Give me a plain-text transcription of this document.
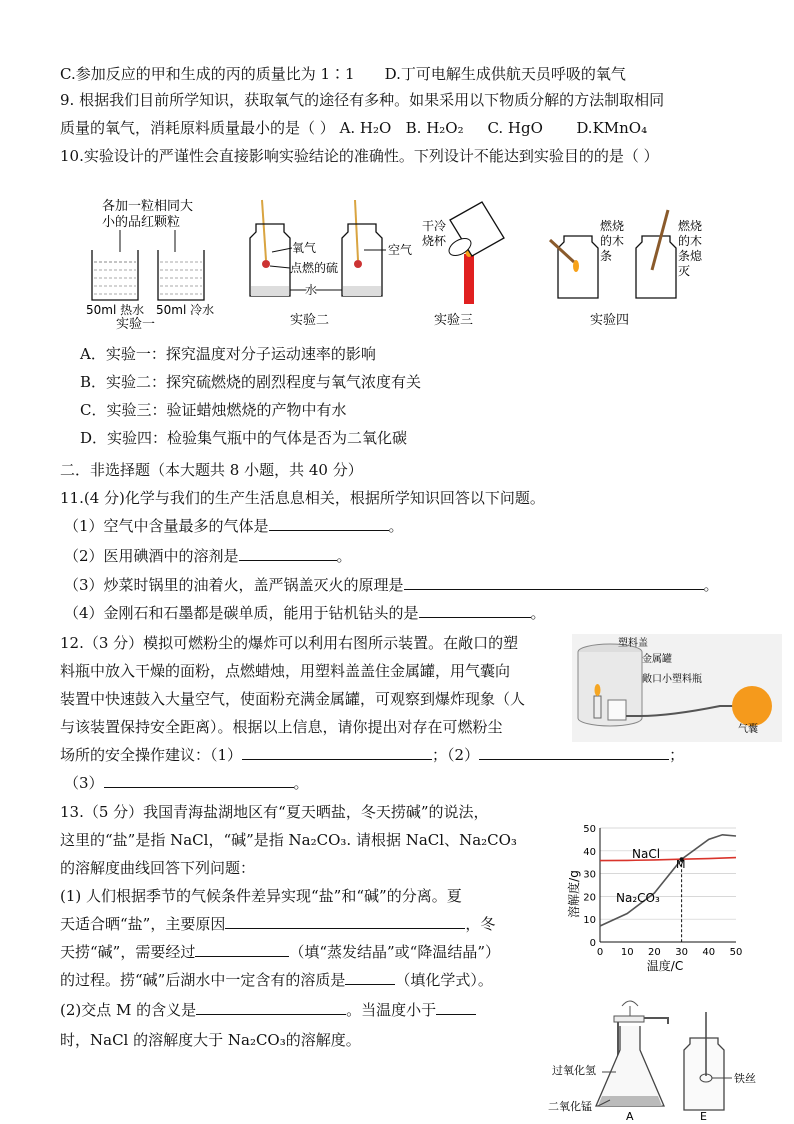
C.参加反应的甲和生成的丙的质量比为 1∶1 D.丁可电解生成供航天员呼吸的氧气
9. 根据我们目前所学知识，获取氧气的途径有多种。如果采用以下物质分解的方法制取相同
质量的氧气，消耗原料质量最小的是（ ） A. H₂O B. H₂O₂ C. HgO D.KMnO₄
10.实验设计的严谨性会直接影响实验结论的准确性。下列设计不能达到实验目的的是（ ）
各加一粒相同大
小的品红颗粒
50ml 热水 50ml 冷水
氧气
点燃的硫
空气
水
干冷
烧杯
燃烧
的木
条
燃烧
的木
条熄
灭
实验一	实验二	实验三	实验四
A．实验一：探究温度对分子运动速率的影响
B．实验二：探究硫燃烧的剧烈程度与氧气浓度有关
C．实验三：验证蜡烛燃烧的产物中有水
D．实验四：检验集气瓶中的气体是否为二氧化碳
二．非选择题（本大题共 8 小题，共 40 分）
11.(4 分)化学与我们的生产生活息息相关，根据所学知识回答以下问题。
（1）空气中含量最多的气体是	。
（2）医用碘酒中的溶剂是	。
（3）炒菜时锅里的油着火，盖严锅盖灭火的原理是	。
（4）金刚石和石墨都是碳单质，能用于钻机钻头的是	。
12.（3 分）模拟可燃粉尘的爆炸可以利用右图所示装置。在敞口的塑
料瓶中放入干燥的面粉，点燃蜡烛，用塑料盖盖住金属罐，用气囊向
装置中快速鼓入大量空气，使面粉充满金属罐，可观察到爆炸现象（人
与该装置保持安全距离）。根据以上信息，请你提出对存在可燃粉尘
场所的安全操作建议：（1）	；（2）	；
（3）	。
塑料盖
金属罐
敞口小塑料瓶
气囊
13.（5 分）我国青海盐湖地区有“夏天晒盐，冬天捞碱”的说法，
这里的“盐”是指 NaCl，“碱”是指 Na₂CO₃. 请根据 NaCl、Na₂CO₃
的溶解度曲线回答下列问题：
(1) 人们根据季节的气候条件差异实现“盐”和“碱”的分离。夏
天适合晒“盐”，主要原因	，冬
天捞“碱”，需要经过	（填“蒸发结晶”或“降温结晶”）
的过程。捞“碱”后湖水中一定含有的溶质是	（填化学式）。
(2)交点 M 的含义是	。当温度小于
时，NaCl 的溶解度大于 Na₂CO₃的溶解度。
0
10
20
30
40
50
0 10 20 30 40 50
溶解度/g
温度/C
NaCl
Na₂CO₃
M
铁丝
过氧化氢
二氧化锰
A	E
